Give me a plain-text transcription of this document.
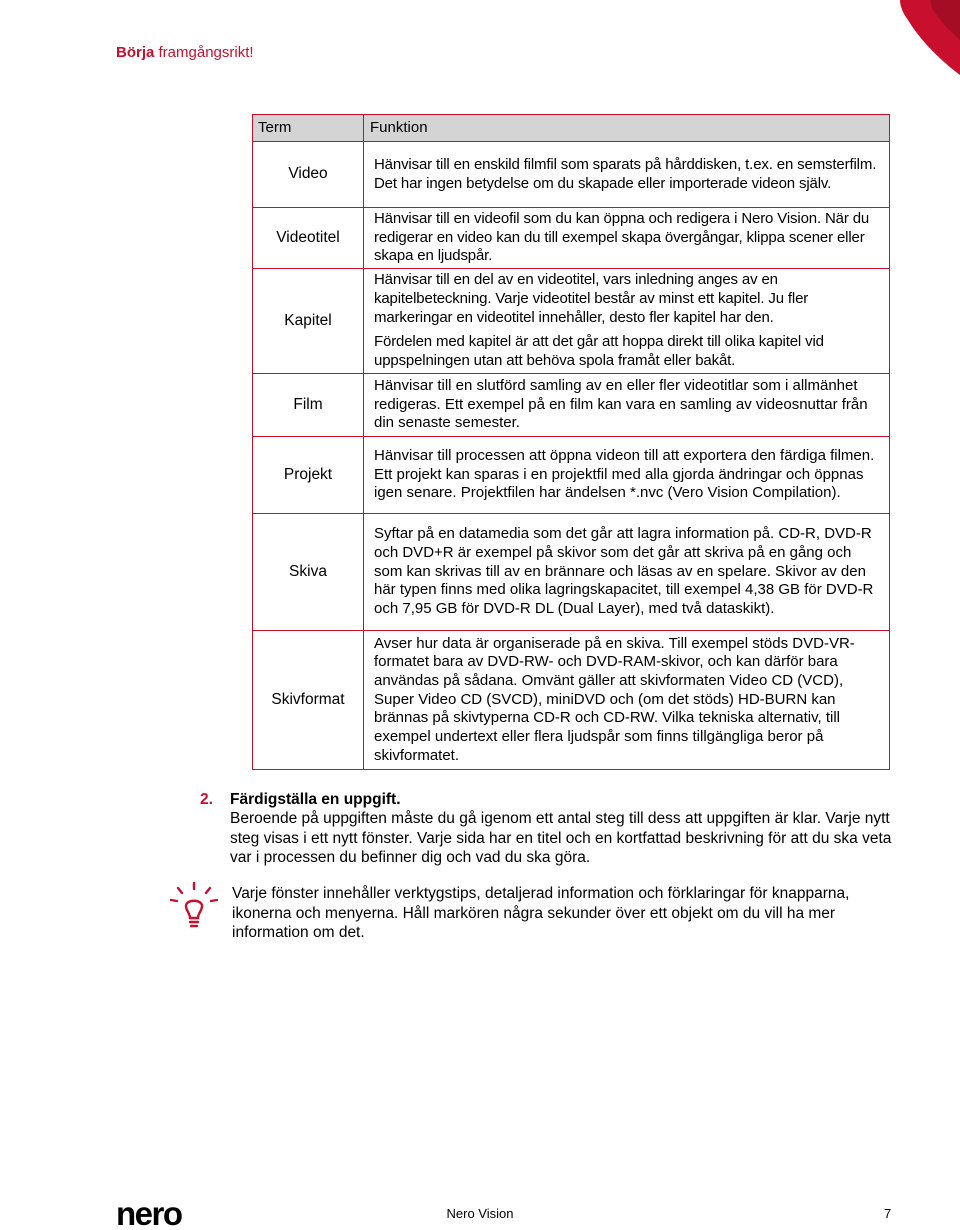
Börja framgångsrikt!
Term	Funktion
Video	Hänvisar till en enskild filmfil som sparats på hårddisken, t.ex. en semsterfilm. Det har ingen betydelse om du skapade eller importerade videon själv.

Videotitel	Hänvisar till en videofil som du kan öppna och redigera i Nero Vision. När du redigerar en video kan du till exempel skapa övergångar, klippa scener eller skapa en ljudspår.

Kapitel	Hänvisar till en del av en videotitel, vars inledning anges av en kapitelbeteckning. Varje videotitel består av minst ett kapitel. Ju fler markeringar en videotitel innehåller, desto fler kapitel har den.
Fördelen med kapitel är att det går att hoppa direkt till olika kapitel vid uppspelningen utan att behöva spola framåt eller bakåt.

Film	Hänvisar till en slutförd samling av en eller fler videotitlar som i allmänhet redigeras. Ett exempel på en film kan vara en samling av videosnuttar från din senaste semester.

Projekt	Hänvisar till processen att öppna videon till att exportera den färdiga filmen. Ett projekt kan sparas i en projektfil med alla gjorda ändringar och öppnas igen senare. Projektfilen har ändelsen *.nvc (Vero Vision Compilation).

Skiva	Syftar på en datamedia som det går att lagra information på. CD-R, DVD-R och DVD+R är exempel på skivor som det går att skriva på en gång och som kan skrivas till av en brännare och läsas av en spelare. Skivor av den här typen finns med olika lagringskapacitet, till exempel 4,38 GB för DVD-R och 7,95 GB för DVD-R DL (Dual Layer), med två dataskikt).

Skivformat	Avser hur data är organiserade på en skiva. Till exempel stöds DVD-VR-formatet bara av DVD-RW- och DVD-RAM-skivor, och kan därför bara användas på sådana. Omvänt gäller att skivformaten Video CD (VCD), Super Video CD (SVCD), miniDVD och (om det stöds) HD-BURN kan brännas på skivtyperna CD-R och CD-RW. Vilka tekniska alternativ, till exempel undertext eller flera ljudspår som finns tillgängliga beror på skivformatet.
2. Färdigställa en uppgift.
Beroende på uppgiften måste du gå igenom ett antal steg till dess att uppgiften är klar. Varje nytt steg visas i ett nytt fönster. Varje sida har en titel och en kortfattad beskrivning för att du ska veta var i processen du befinner dig och vad du ska göra.
Varje fönster innehåller verktygstips, detaljerad information och förklaringar för knapparna, ikonerna och menyerna. Håll markören några sekunder över ett objekt om du vill ha mer information om det.
nero	Nero Vision	7
